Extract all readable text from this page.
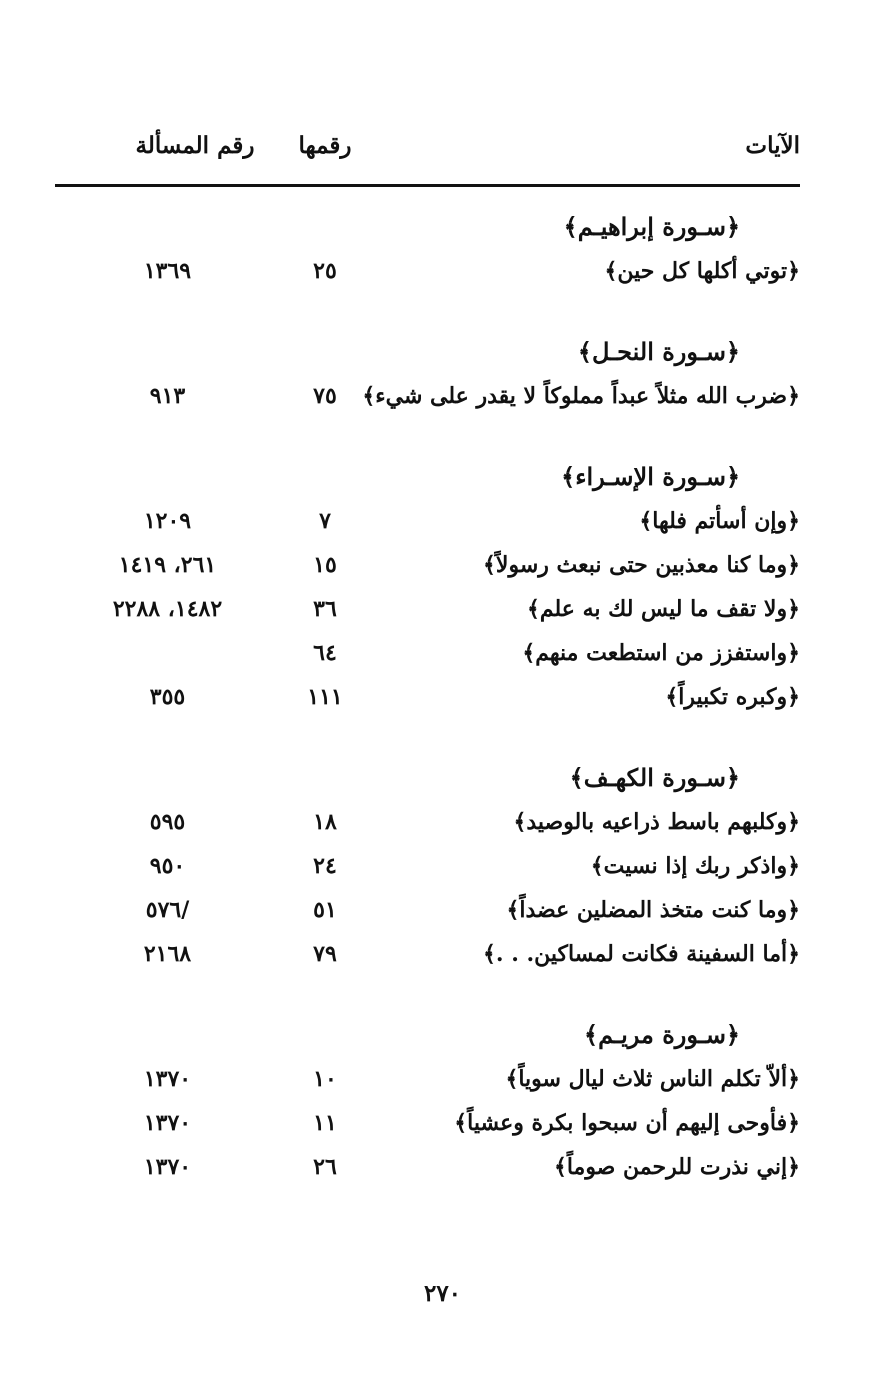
الآيات
رقمها
رقم المسألة
﴿سـورة إبراهيـم﴾
﴿توتي أكلها كل حين﴾
٢٥
١٣٦٩
﴿سـورة النحـل﴾
﴿ضرب الله مثلاً عبداً مملوكاً لا يقدر على شيء﴾
٧٥
٩١٣
﴿سـورة الإسـراء﴾
﴿وإن أسأتم فلها﴾
٧
١٢٠٩
﴿وما كنا معذبين حتى نبعث رسولاً﴾
١٥
٢٦١، ١٤١٩
﴿ولا تقف ما ليس لك به علم﴾
٣٦
١٤٨٢، ٢٢٨٨
﴿واستفزز من استطعت منهم﴾
٦٤
﴿وكبره تكبيراً﴾
١١١
٣٥٥
﴿سـورة الكهـف﴾
﴿وكلبهم باسط ذراعيه بالوصيد﴾
١٨
٥٩٥
﴿واذكر ربك إذا نسيت﴾
٢٤
٩٥٠
﴿وما كنت متخذ المضلين عضداً﴾
٥١
/٥٧٦
﴿أما السفينة فكانت لمساكين. . .﴾
٧٩
٢١٦٨
﴿سـورة مريـم﴾
﴿ألاّ تكلم الناس ثلاث ليال سوياً﴾
١٠
١٣٧٠
﴿فأوحى إليهم أن سبحوا بكرة وعشياً﴾
١١
١٣٧٠
﴿إني نذرت للرحمن صوماً﴾
٢٦
١٣٧٠
٢٧٠
